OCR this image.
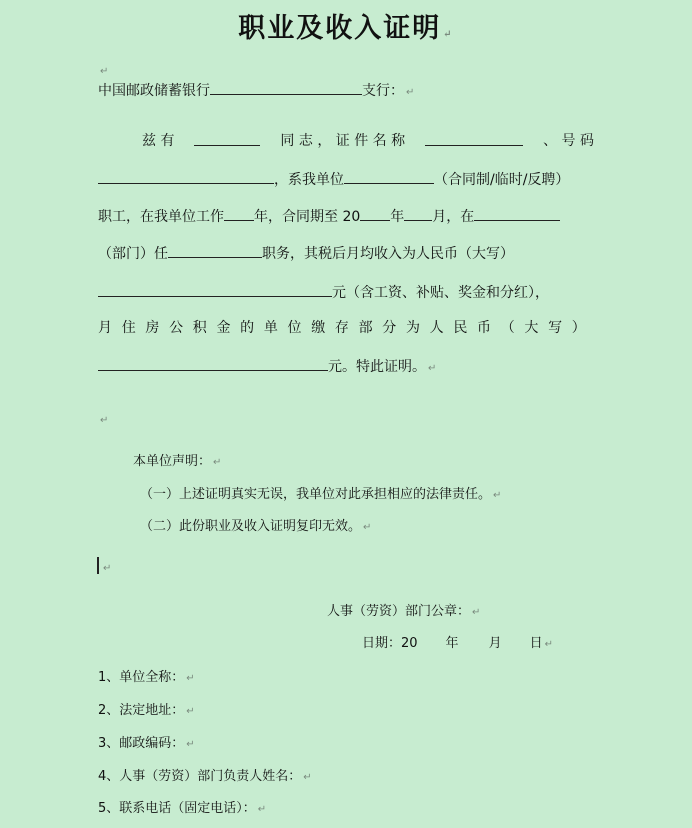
职业及收入证明 ↵
↵
中国邮政储蓄银行	支行： ↵
兹 有	同 志 ， 证 件 名 称	、 号 码
，系我单位	（合同制/临时/反聘）
职工，在我单位工作 年，合同期至 20 年 月，在
（部门）任	职务，其税后月均收入为人民币（大写）
元（含工资、补贴、奖金和分红），
月 住 房 公 积 金 的 单 位 缴 存 部 分 为 人 民 币 （ 大 写 ）
元。特此证明。 ↵
↵
本单位声明： ↵
（一）上述证明真实无误，我单位对此承担相应的法律责任。 ↵
（二）此份职业及收入证明复印无效。 ↵
↵
人事（劳资）部门公章： ↵
日期：20 年 月 日 ↵
1、单位全称： ↵
2、法定地址： ↵
3、邮政编码： ↵
4、人事（劳资）部门负责人姓名： ↵
5、联系电话（固定电话）： ↵
